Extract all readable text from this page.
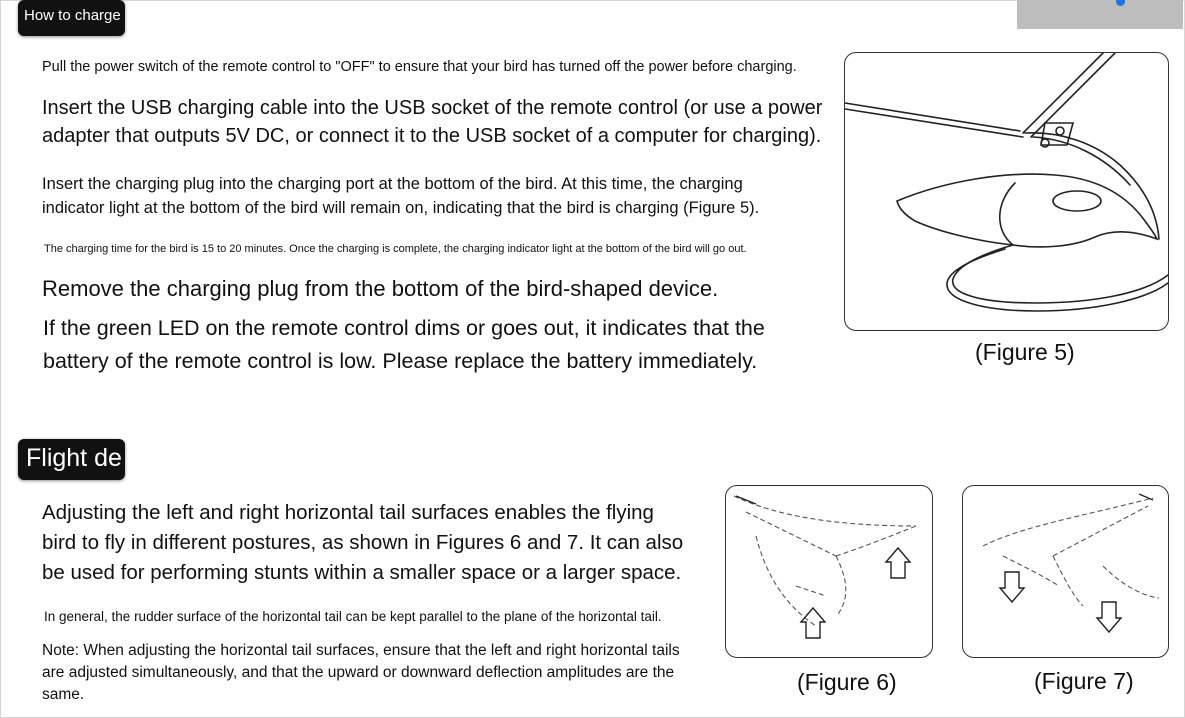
How to charge

Pull the power switch of the remote control to "OFF" to ensure that your bird has turned off the power before charging.

Insert the USB charging cable into the USB socket of the remote control (or use a power
adapter that outputs 5V DC, or connect it to the USB socket of a computer for charging).

Insert the charging plug into the charging port at the bottom of the bird. At this time, the charging
indicator light at the bottom of the bird will remain on, indicating that the bird is charging (Figure 5).

The charging time for the bird is 15 to 20 minutes. Once the charging is complete, the charging indicator light at the bottom of the bird will go out.

Remove the charging plug from the bottom of the bird-shaped device.

If the green LED on the remote control dims or goes out, it indicates that the
battery of the remote control is low. Please replace the battery immediately.	(Figure 5)
Flight de

Adjusting the left and right horizontal tail surfaces enables the flying
bird to fly in different postures, as shown in Figures 6 and 7. It can also
be used for performing stunts within a smaller space or a larger space.

In general, the rudder surface of the horizontal tail can be kept parallel to the plane of the horizontal tail.

Note: When adjusting the horizontal tail surfaces, ensure that the left and right horizontal tails
are adjusted simultaneously, and that the upward or downward deflection amplitudes are the
same.	(Figure 6)	(Figure 7)
